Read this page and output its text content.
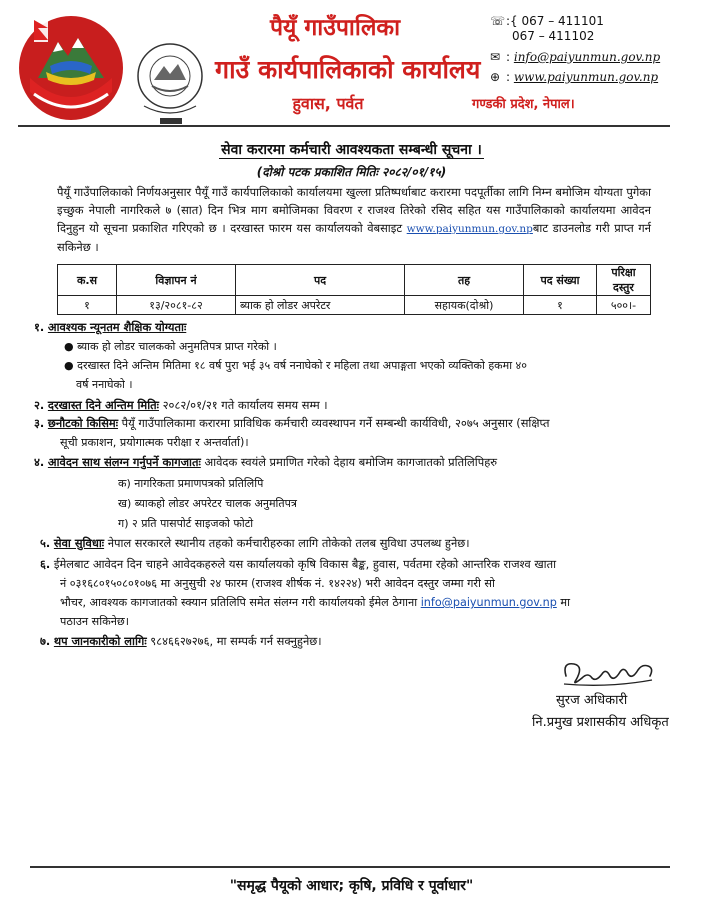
पैयूँ गाउँपालिका
गाउँ कार्यपालिकाको कार्यालय
हुवास, पर्वत	गण्डकी प्रदेश, नेपाल।
☏:{ 067 – 411101
067 – 411102
✉ : info@paiyunmun.gov.np
⊕ : www.paiyunmun.gov.np
सेवा करारमा कर्मचारी आवश्यकता सम्बन्धी सूचना ।
(दोश्रो पटक प्रकाशित मितिः २०८२/०१/१५)
पैयूँ गाउँपालिकाको निर्णयअनुसार पैयूँ गाउँ कार्यपालिकाको कार्यालयमा खुल्ला प्रतिष्पर्धाबाट करारमा पदपूर्तीका लागि निम्न बमोजिम योग्यता पुगेका इच्छुक नेपाली नागरिकले ७ (सात) दिन भित्र माग बमोजिमका विवरण र राजश्व तिरेको रसिद सहित यस गाउँपालिकाको कार्यालयमा आवेदन दिनुहुन यो सूचना प्रकाशित गरिएको छ । दरखास्त फारम यस कार्यालयको वेबसाइट www.paiyunmun.gov.npबाट डाउनलोड गरी प्राप्त गर्न सकिनेछ ।
क.स	विज्ञापन नं	पद	तह	पद संख्या	परिक्षा दस्तुर
१	१३/२०८१-८२	ब्याक हो लोडर अपरेटर	सहायक(दोश्रो)	१	५००।-
१. आवश्यक न्यूनतम शैक्षिक योग्यताः
● ब्याक हो लोडर चालकको अनुमतिपत्र प्राप्त गरेको ।
● दरखास्त दिने अन्तिम मितिमा १८ वर्ष पुरा भई ३५ वर्ष ननाघेको र महिला तथा अपाङ्गता भएको व्यक्तिको हकमा ४०
वर्ष ननाघेको ।
२. दरखास्त दिने अन्तिम मितिः २०८२/०१/२१ गते कार्यालय समय सम्म ।
३. छनौटको किसिमः पैयूँ गाउँपालिकामा करारमा प्राविधिक कर्मचारी व्यवस्थापन गर्ने सम्बन्धी कार्यविधी, २०७५ अनुसार (सक्षिप्त
सूची प्रकाशन, प्रयोगात्मक परीक्षा र अन्तर्वार्ता)।
४. आवेदन साथ संलग्न गर्नुपर्ने कागजातः आवेदक स्वयंले प्रमाणित गरेको देहाय बमोजिम कागजातको प्रतिलिपिहरु
क) नागरिकता प्रमाणपत्रको प्रतिलिपि
ख) ब्याकहो लोडर अपरेटर चालक अनुमतिपत्र
ग) २ प्रति पासपोर्ट साइजको फोटो
५. सेवा सुविधाः नेपाल सरकारले स्थानीय तहको कर्मचारीहरुका लागि तोकेको तलब सुविधा उपलब्ध हुनेछ।
६. ईमेलबाट आवेदन दिन चाहने आवेदकहरुले यस कार्यालयको कृषि विकास बैङ्क, हुवास, पर्वतमा रहेको आन्तरिक राजश्व खाता
नं ०३१६८०१५०८०१०७६ मा अनुसुची २४ फारम (राजश्व शीर्षक नं. १४२२४) भरी आवेदन दस्तुर जम्मा गरी सो
भौचर, आवश्यक कागजातको स्क्यान प्रतिलिपि समेत संलग्न गरी कार्यालयको ईमेल ठेगाना info@paiyunmun.gov.np मा
पठाउन सकिनेछ।
७. थप जानकारीको लागिः ९८४६६२७२७६, मा सम्पर्क गर्न सक्नुहुनेछ।
सुरज अधिकारी
नि.प्रमुख प्रशासकीय अधिकृत
"समृद्ध पैयूको आधार; कृषि, प्रविधि र पूर्वाधार"
